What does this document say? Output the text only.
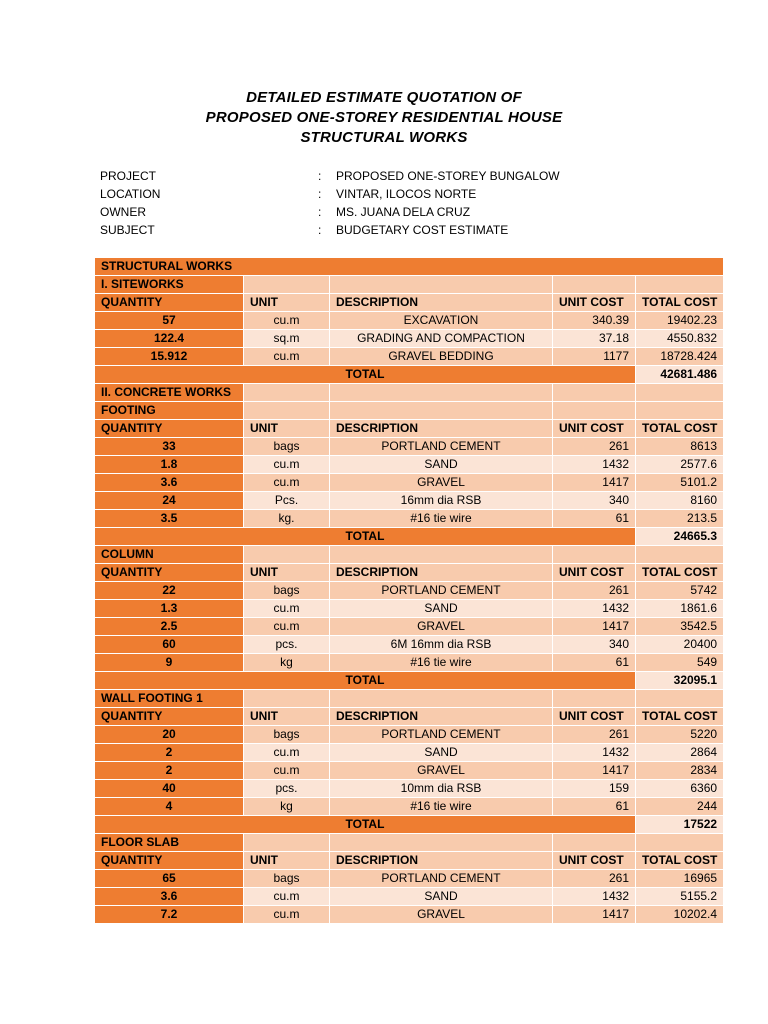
DETAILED ESTIMATE QUOTATION OF
PROPOSED ONE-STOREY RESIDENTIAL HOUSE
STRUCTURAL WORKS
PROJECT	: PROPOSED ONE-STOREY BUNGALOW
LOCATION	: VINTAR, ILOCOS NORTE
OWNER	: MS. JUANA DELA CRUZ
SUBJECT	: BUDGETARY COST ESTIMATE
STRUCTURAL WORKS				
I. SITEWORKS				
QUANTITY	UNIT	DESCRIPTION	UNIT COST	TOTAL COST
57	cu.m	EXCAVATION	340.39	19402.23
122.4	sq.m	GRADING AND COMPACTION	37.18	4550.832
15.912	cu.m	GRAVEL BEDDING	1177	18728.424
TOTAL				42681.486
II. CONCRETE WORKS				
FOOTING				
QUANTITY	UNIT	DESCRIPTION	UNIT COST	TOTAL COST
33	bags	PORTLAND CEMENT	261	8613
1.8	cu.m	SAND	1432	2577.6
3.6	cu.m	GRAVEL	1417	5101.2
24	Pcs.	16mm dia RSB	340	8160
3.5	kg.	#16 tie wire	61	213.5
TOTAL				24665.3
COLUMN				
QUANTITY	UNIT	DESCRIPTION	UNIT COST	TOTAL COST
22	bags	PORTLAND CEMENT	261	5742
1.3	cu.m	SAND	1432	1861.6
2.5	cu.m	GRAVEL	1417	3542.5
60	pcs.	6M 16mm dia RSB	340	20400
9	kg	#16 tie wire	61	549
TOTAL				32095.1
WALL FOOTING 1				
QUANTITY	UNIT	DESCRIPTION	UNIT COST	TOTAL COST
20	bags	PORTLAND CEMENT	261	5220
2	cu.m	SAND	1432	2864
2	cu.m	GRAVEL	1417	2834
40	pcs.	10mm dia RSB	159	6360
4	kg	#16 tie wire	61	244
TOTAL				17522
FLOOR SLAB				
QUANTITY	UNIT	DESCRIPTION	UNIT COST	TOTAL COST
65	bags	PORTLAND CEMENT	261	16965
3.6	cu.m	SAND	1432	5155.2
7.2	cu.m	GRAVEL	1417	10202.4
